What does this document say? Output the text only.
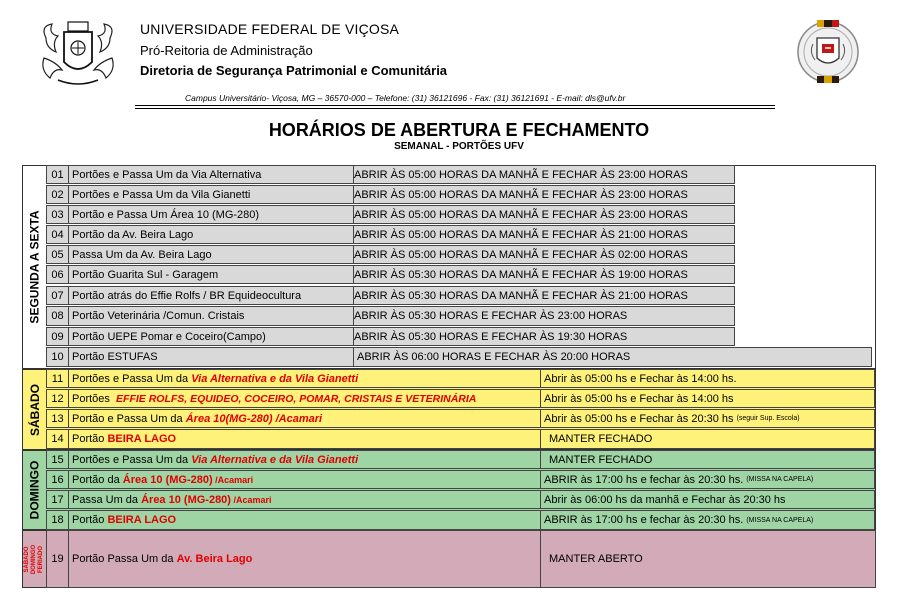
UNIVERSIDADE FEDERAL DE VIÇOSA
Pró-Reitoria de Administração
Diretoria de Segurança Patrimonial e Comunitária
Campus Universitário- Viçosa, MG – 36570-000 – Telefone: (31) 36121696 - Fax: (31) 36121691 - E-mail: dls@ufv.br
HORÁRIOS DE ABERTURA E FECHAMENTO
SEMANAL - PORTÕES UFV
SEGUNDA A SEXTA
01 Portões e Passa Um da Via Alternativa	ABRIR ÀS 05:00 HORAS DA MANHÃ E FECHAR ÀS 23:00 HORAS
02 Portões e Passa Um da Vila Gianetti	ABRIR ÀS 05:00 HORAS DA MANHÃ E FECHAR ÀS 23:00 HORAS
03 Portão e Passa Um Área 10 (MG-280)	ABRIR ÀS 05:00 HORAS DA MANHÃ E FECHAR ÀS 23:00 HORAS
04 Portão da Av. Beira Lago	ABRIR ÀS 05:00 HORAS DA MANHÃ E FECHAR ÀS 21:00 HORAS
05 Passa Um da Av. Beira Lago	ABRIR ÀS 05:00 HORAS DA MANHÃ E FECHAR ÀS 02:00 HORAS
06 Portão Guarita Sul - Garagem	ABRIR ÀS 05:30 HORAS DA MANHÃ E FECHAR ÀS 19:00 HORAS
07 Portão atrás do Effie Rolfs / BR Equideocultura	ABRIR ÀS 05:30 HORAS DA MANHÃ E FECHAR ÀS 21:00 HORAS
08 Portão Veterinária /Comun. Cristais	ABRIR ÀS 05:30 HORAS E FECHAR ÀS 23:00 HORAS
09 Portão UEPE Pomar e Coceiro(Campo)	ABRIR ÀS 05:30 HORAS E FECHAR ÀS 19:30 HORAS
10 Portão ESTUFAS	ABRIR ÀS 06:00 HORAS E FECHAR ÀS 20:00 HORAS
SÁBADO
11 Portões e Passa Um da Via Alternativa e da Vila Gianetti	Abrir às 05:00 hs e Fechar às 14:00 hs.
12 Portões EFFIE ROLFS, EQUIDEO, COCEIRO, POMAR, CRISTAIS E VETERINÁRIA	Abrir às 05:00 hs e Fechar às 14:00 hs
13 Portão e Passa Um da Área 10(MG-280) /Acamari	Abrir às 05:00 hs e Fechar às 20:30 hs (seguir Sup. Escola)
14 Portão BEIRA LAGO	MANTER FECHADO
DOMINGO
15 Portões e Passa Um da Via Alternativa e da Vila Gianetti	MANTER FECHADO
16 Portão da Área 10 (MG-280) /Acamari	ABRIR às 17:00 hs e fechar às 20:30 hs. (MISSA NA CAPELA)
17 Passa Um da Área 10 (MG-280) /Acamari	Abrir às 06:00 hs da manhã e Fechar às 20:30 hs
18 Portão BEIRA LAGO	ABRIR às 17:00 hs e fechar às 20:30 hs. (MISSA NA CAPELA)
SÁBADO DOMINGO FERIADO 19 Portão Passa Um da Av. Beira Lago	MANTER ABERTO
